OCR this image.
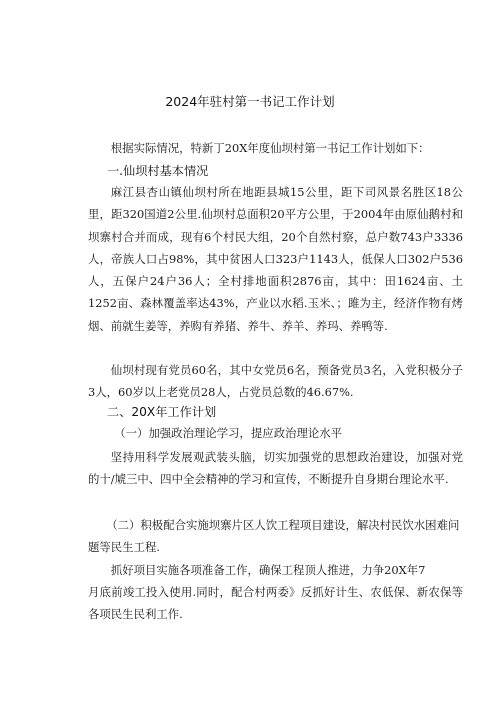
2024年驻村第一书记工作计划

根据实际情况，特新丁20X年度仙坝村第一书记工作计划如下：

一.仙坝村基本情况

麻江县杏山镇仙坝村所在地距县城15公里，距下司风景名胜区18公里，距320国道2公里.仙坝村总面积20平方公里，于2004年由原仙鹅村和坝寨村合并而成，现有6个村民大组，20个自然村察，总户数743户3336人，帝族人口占98%，其中贫困人口323户1143人，低保人口302户536人，五保户24户36人；全村排地面积2876亩，其中：田1624亩、土1252亩、森林覆盖率达43%，产业以水稻.玉米、；雎为主，经济作物有烤烟、前就生姜等，养购有养猪、养牛、养羊、养玛、养鸭等.

仙坝村现有党员60名，其中女党员6名，预备党员3名，入党积极分子3人，60岁以上老党员28人，占党员总数的46.67%.

二、20X年工作计划

（一）加强政治理论学习，提应政治理论水平

坚持用科学发展观武装头脑，切实加强党的思想政治建设，加强对党的十/虓三中、四中全会精神的学习和宣传，不断提升自身期台理论水平.

（二）积极配合实施坝寨片区人饮工程项目建设，解决村民饮水困难问题等民生工程.

抓好项目实施各项准备工作，确保工程顶人推进，力争20X年7

月底前竣工投入使用.同时，配合村两委》反抓好计生、农低保、新农保等各项民生民利工作.
